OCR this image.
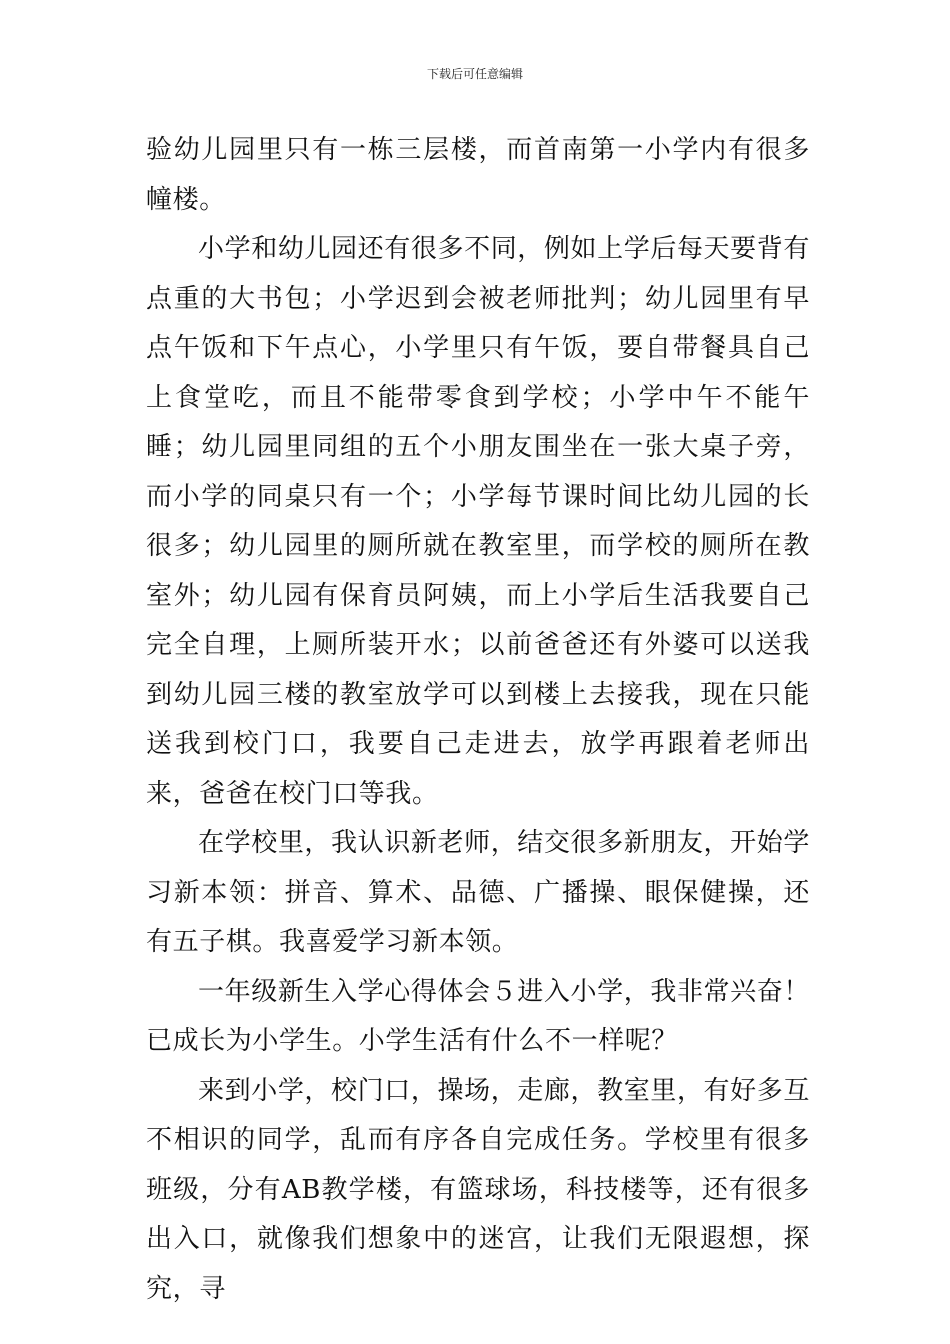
下载后可任意编辑

验幼儿园里只有一栋三层楼，而首南第一小学内有很多幢楼。

小学和幼儿园还有很多不同，例如上学后每天要背有点重的大书包；小学迟到会被老师批判；幼儿园里有早点午饭和下午点心，小学里只有午饭，要自带餐具自己上食堂吃，而且不能带零食到学校；小学中午不能午睡；幼儿园里同组的五个小朋友围坐在一张大桌子旁，而小学的同桌只有一个；小学每节课时间比幼儿园的长很多；幼儿园里的厕所就在教室里，而学校的厕所在教室外；幼儿园有保育员阿姨，而上小学后生活我要自己完全自理，上厕所装开水；以前爸爸还有外婆可以送我到幼儿园三楼的教室放学可以到楼上去接我，现在只能送我到校门口，我要自己走进去，放学再跟着老师出来，爸爸在校门口等我。

在学校里，我认识新老师，结交很多新朋友，开始学习新本领：拼音、算术、品德、广播操、眼保健操，还有五子棋。我喜爱学习新本领。

一年级新生入学心得体会５进入小学，我非常兴奋！已成长为小学生。小学生活有什么不一样呢？

来到小学，校门口，操场，走廊，教室里，有好多互不相识的同学，乱而有序各自完成任务。学校里有很多班级，分有AB教学楼，有篮球场，科技楼等，还有很多出入口，就像我们想象中的迷宫，让我们无限遐想，探究，寻
